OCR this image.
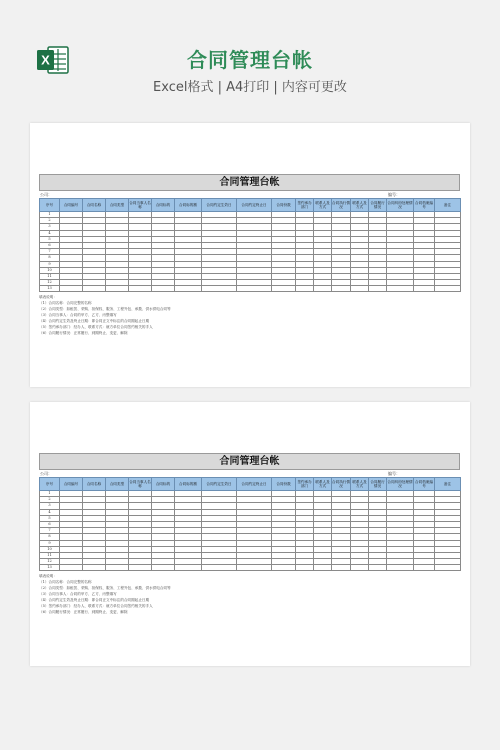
X	合同管理台帐
Excel格式 | A4打印 | 内容可更改
合同管理台帐
公司：	编号：
序号	合同编号	合同名称	合同类型	合同当事人名称	合同标的	合同标的额	合同约定生效日	合同约定终止日	合同份数	签约承办部门	联系人及方式	合同执行情况	联系人及方式	合同履行情况	合同纠纷处理情况	合同档案编号	备注
1																	
2																	
3																	
4																	
5																	
6																	
7																	
8																	
9																	
10																	
11																	
12																	
13																	
填表说明：
（1）合同名称：合同完整的名称
（2）合同类型：如租赁、采购、担保权、服务、工程外包、承揽、供水供电合同等
（3）合同当事人：合同的甲方、乙方、丙整填写
（4）合同约定生效及终止日期：即合同正文中标注的合同期起止日期
（5）签约承办部门：经办人、联系方式：就方单位合同签约相关的手人
（6）合同履行情况：正常履行、到期终止、变更、解除
合同管理台帐
公司：	编号：
序号	合同编号	合同名称	合同类型	合同当事人名称	合同标的	合同标的额	合同约定生效日	合同约定终止日	合同份数	签约承办部门	联系人及方式	合同执行情况	联系人及方式	合同履行情况	合同纠纷处理情况	合同档案编号	备注
1																	
2																	
3																	
4																	
5																	
6																	
7																	
8																	
9																	
10																	
11																	
12																	
13																	
填表说明：
（1）合同名称：合同完整的名称
（2）合同类型：如租赁、采购、担保权、服务、工程外包、承揽、供水供电合同等
（3）合同当事人：合同的甲方、乙方、丙整填写
（4）合同约定生效及终止日期：即合同正文中标注的合同期起止日期
（5）签约承办部门：经办人、联系方式：就方单位合同签约相关的手人
（6）合同履行情况：正常履行、到期终止、变更、解除
